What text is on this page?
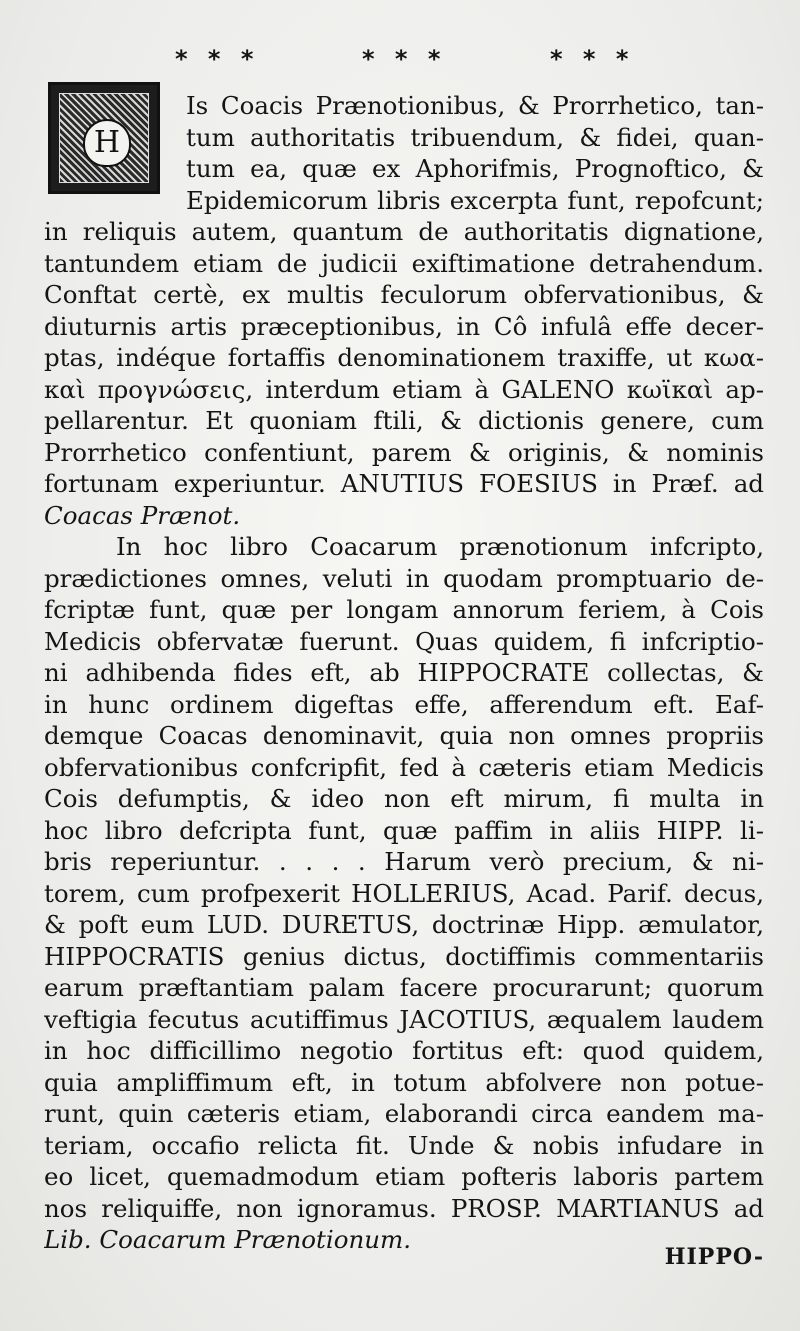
* * *	* * *	* * *
H
Is Coacis Prænotionibus, & Prorrhetico, tan-
tum authoritatis tribuendum, & fidei, quan-
tum ea, quæ ex Aphorifmis, Prognoftico, &
Epidemicorum libris excerpta funt, repofcunt;
in reliquis autem, quantum de authoritatis dignatione,
tantundem etiam de judicii exiftimatione detrahendum.
Conftat certè, ex multis feculorum obfervationibus, &
diuturnis artis præceptionibus, in Cô infulâ effe decer-
ptas, indéque fortaffis denominationem traxiffe, ut κωα-
καὶ προγνώσεις, interdum etiam à GALENO κωϊκαὶ ap-
pellarentur. Et quoniam ftili, & dictionis genere, cum
Prorrhetico confentiunt, parem & originis, & nominis
fortunam experiuntur. ANUTIUS FOESIUS in Præf. ad
Coacas Prænot.
In hoc libro Coacarum prænotionum infcripto,
prædictiones omnes, veluti in quodam promptuario de-
fcriptæ funt, quæ per longam annorum feriem, à Cois
Medicis obfervatæ fuerunt. Quas quidem, fi infcriptio-
ni adhibenda fides eft, ab HIPPOCRATE collectas, &
in hunc ordinem digeftas effe, afferendum eft. Eaf-
demque Coacas denominavit, quia non omnes propriis
obfervationibus confcripfit, fed à cæteris etiam Medicis
Cois defumptis, & ideo non eft mirum, fi multa in
hoc libro defcripta funt, quæ paffim in aliis HIPP. li-
bris reperiuntur. . . . . Harum verò precium, & ni-
torem, cum profpexerit HOLLERIUS, Acad. Parif. decus,
& poft eum LUD. DURETUS, doctrinæ Hipp. æmulator,
HIPPOCRATIS genius dictus, doctiffimis commentariis
earum præftantiam palam facere procurarunt; quorum
veftigia fecutus acutiffimus JACOTIUS, æqualem laudem
in hoc difficillimo negotio fortitus eft: quod quidem,
quia ampliffimum eft, in totum abfolvere non potue-
runt, quin cæteris etiam, elaborandi circa eandem ma-
teriam, occafio relicta fit. Unde & nobis infudare in
eo licet, quemadmodum etiam pofteris laboris partem
nos reliquiffe, non ignoramus. PROSP. MARTIANUS ad
Lib. Coacarum Prænotionum.
HIPPO-
